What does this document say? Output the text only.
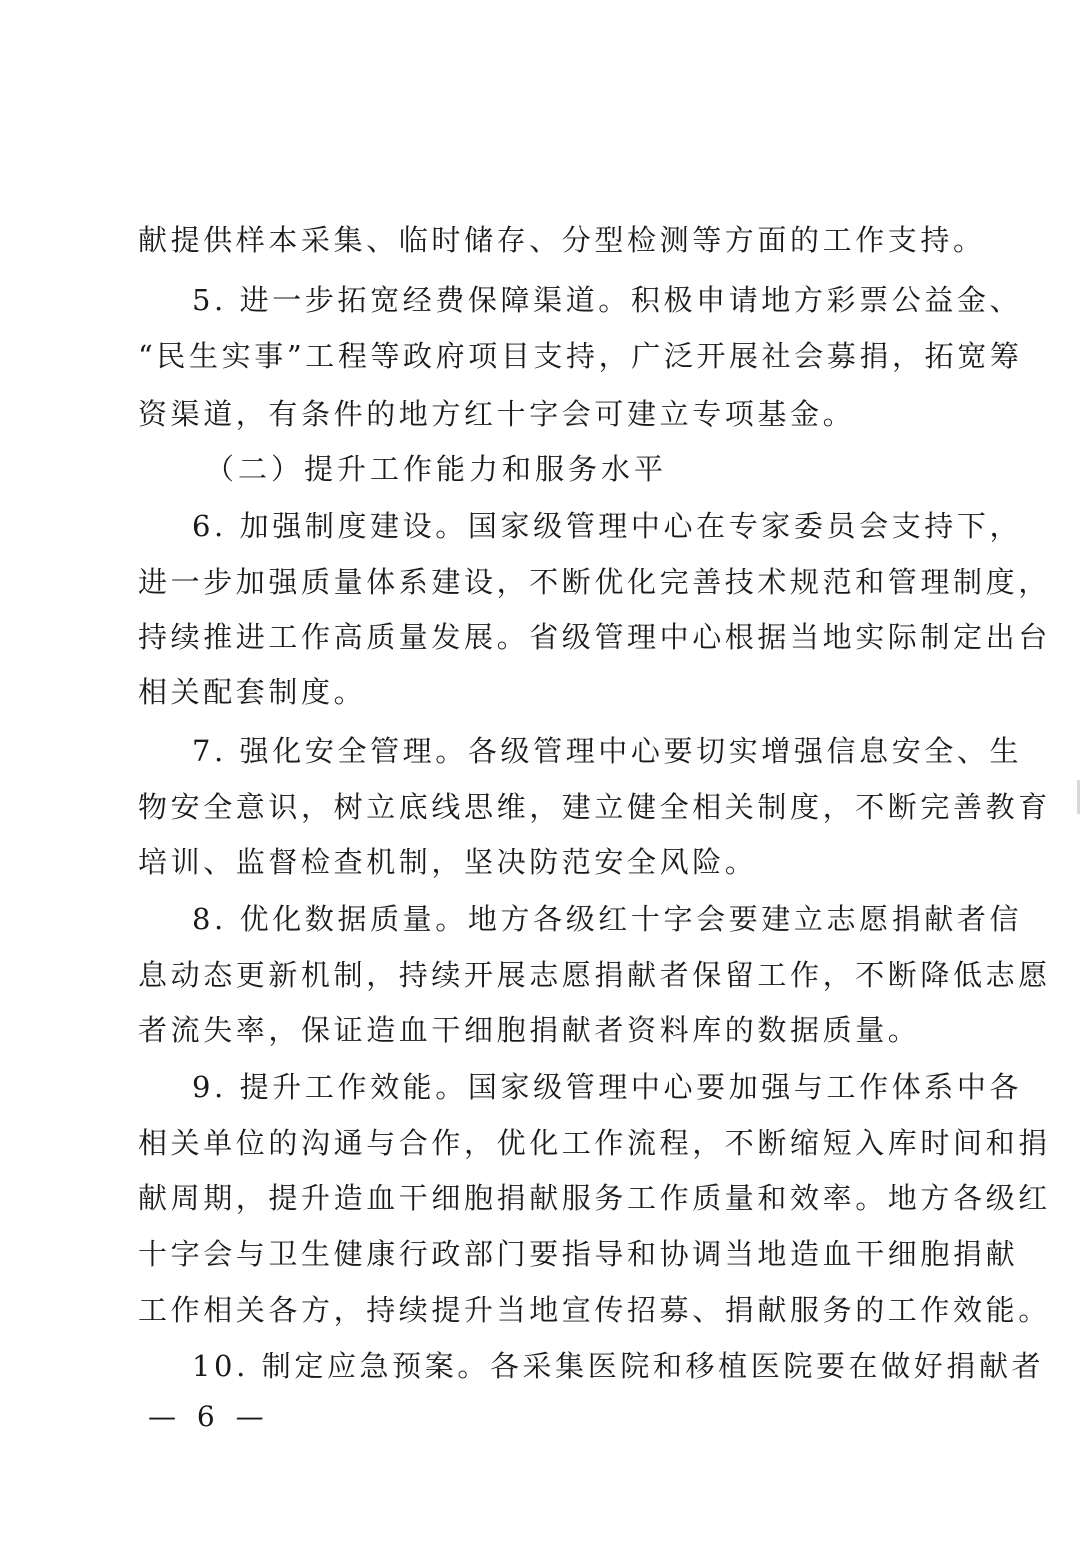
献提供样本采集、临时储存、分型检测等方面的工作支持。
5. 进一步拓宽经费保障渠道。积极申请地方彩票公益金、
“民生实事”工程等政府项目支持，广泛开展社会募捐，拓宽筹
资渠道，有条件的地方红十字会可建立专项基金。
（二）提升工作能力和服务水平
6. 加强制度建设。国家级管理中心在专家委员会支持下，
进一步加强质量体系建设，不断优化完善技术规范和管理制度，
持续推进工作高质量发展。省级管理中心根据当地实际制定出台
相关配套制度。
7. 强化安全管理。各级管理中心要切实增强信息安全、生
物安全意识，树立底线思维，建立健全相关制度，不断完善教育
培训、监督检查机制，坚决防范安全风险。
8. 优化数据质量。地方各级红十字会要建立志愿捐献者信
息动态更新机制，持续开展志愿捐献者保留工作，不断降低志愿
者流失率，保证造血干细胞捐献者资料库的数据质量。
9. 提升工作效能。国家级管理中心要加强与工作体系中各
相关单位的沟通与合作，优化工作流程，不断缩短入库时间和捐
献周期，提升造血干细胞捐献服务工作质量和效率。地方各级红
十字会与卫生健康行政部门要指导和协调当地造血干细胞捐献
工作相关各方，持续提升当地宣传招募、捐献服务的工作效能。
10. 制定应急预案。各采集医院和移植医院要在做好捐献者
— 6 —
